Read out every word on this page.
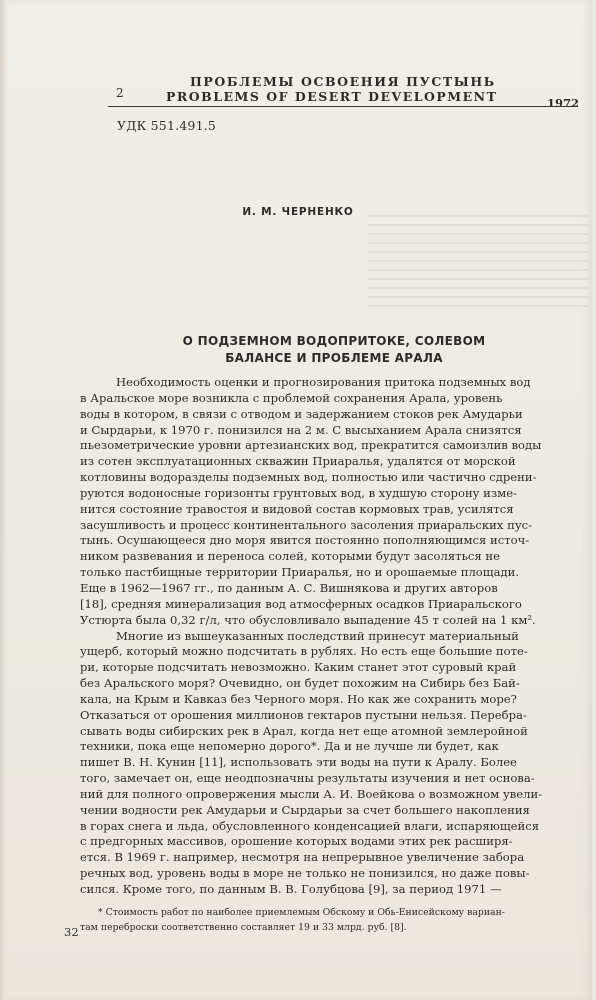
ПРОБЛЕМЫ ОСВОЕНИЯ ПУСТЫНЬ
2	PROBLEMS OF DESERT DEVELOPMENT	1972
УДК 551.491.5
И. М. ЧЕРНЕНКО
О ПОДЗЕМНОМ ВОДОПРИТОКЕ, СОЛЕВОМ
БАЛАНСЕ И ПРОБЛЕМЕ АРАЛА
Необходимость оценки и прогнозирования притока подземных вод
в Аральское море возникла с проблемой сохранения Арала, уровень
воды в котором, в связи с отводом и задержанием стоков рек Амударьи
и Сырдарьи, к 1970 г. понизился на 2 м. С высыханием Арала снизятся
пьезометрические уровни артезианских вод, прекратится самоизлив воды
из сотен эксплуатационных скважин Приаралья, удалятся от морской
котловины водоразделы подземных вод, полностью или частично сдрени-
руются водоносные горизонты грунтовых вод, в худшую сторону изме-
нится состояние травостоя и видовой состав кормовых трав, усилятся
засушливость и процесс континентального засоления приаральских пус-
тынь. Осушающееся дно моря явится постоянно пополняющимся источ-
ником развевания и переноса солей, которыми будут засоляться не
только пастбищные территории Приаралья, но и орошаемые площади.
Еще в 1962—1967 гг., по данным А. С. Вишнякова и других авторов
[18], средняя минерализация вод атмосферных осадков Приаральского
Устюрта была 0,32 г/л, что обусловливало выпадение 45 т солей на 1 км².
Многие из вышеуказанных последствий принесут материальный
ущерб, который можно подсчитать в рублях. Но есть еще большие поте-
ри, которые подсчитать невозможно. Каким станет этот суровый край
без Аральского моря? Очевидно, он будет похожим на Сибирь без Бай-
кала, на Крым и Кавказ без Черного моря. Но как же сохранить море?
Отказаться от орошения миллионов гектаров пустыни нельзя. Перебра-
сывать воды сибирских рек в Арал, когда нет еще атомной землеройной
техники, пока еще непомерно дорого*. Да и не лучше ли будет, как
пишет В. Н. Кунин [11], использовать эти воды на пути к Аралу. Более
того, замечает он, еще неодпозначны результаты изучения и нет основа-
ний для полного опровержения мысли А. И. Воейкова о возможном увели-
чении водности рек Амударьи и Сырдарьи за счет большего накопления
в горах снега и льда, обусловленного конденсацией влаги, испаряющейся
с предгорных массивов, орошение которых водами этих рек расширя-
ется. В 1969 г. например, несмотря на непрерывное увеличение забора
речных вод, уровень воды в море не только не понизился, но даже повы-
сился. Кроме того, по данным В. В. Голубцова [9], за период 1971 —
* Стоимость работ по наиболее приемлемым Обскому и Обь-Енисейскому вариан-
там переброски соответственно составляет 19 и 33 млрд. руб. [8].
32
